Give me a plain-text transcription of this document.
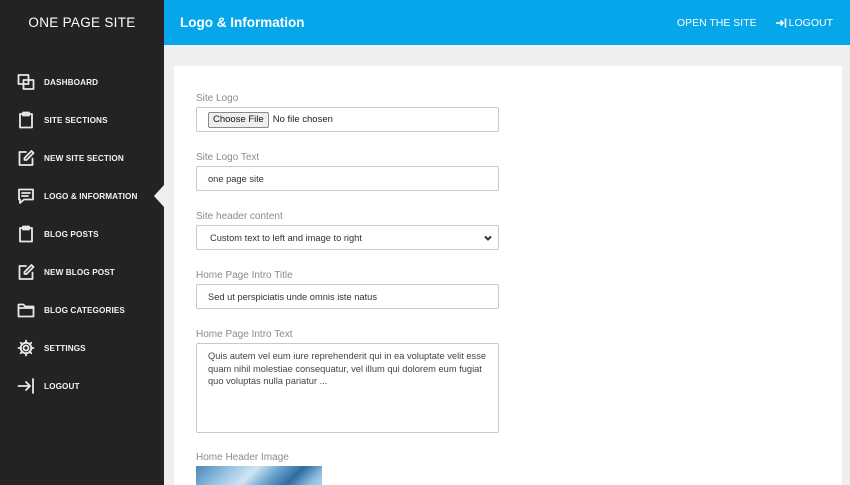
ONE PAGE SITE
DASHBOARD
SITE SECTIONS
NEW SITE SECTION
LOGO & INFORMATION
BLOG POSTS
NEW BLOG POST
BLOG CATEGORIES
SETTINGS
LOGOUT
Logo & Information	OPEN THE SITE	LOGOUT
Site Logo
Choose File No file chosen
Site Logo Text
one page site
Site header content
Custom text to left and image to right
Home Page Intro Title
Sed ut perspiciatis unde omnis iste natus
Home Page Intro Text
Quis autem vel eum iure reprehenderit qui in ea voluptate velit esse quam nihil molestiae consequatur, vel illum qui dolorem eum fugiat quo voluptas nulla pariatur ...
Home Header Image
